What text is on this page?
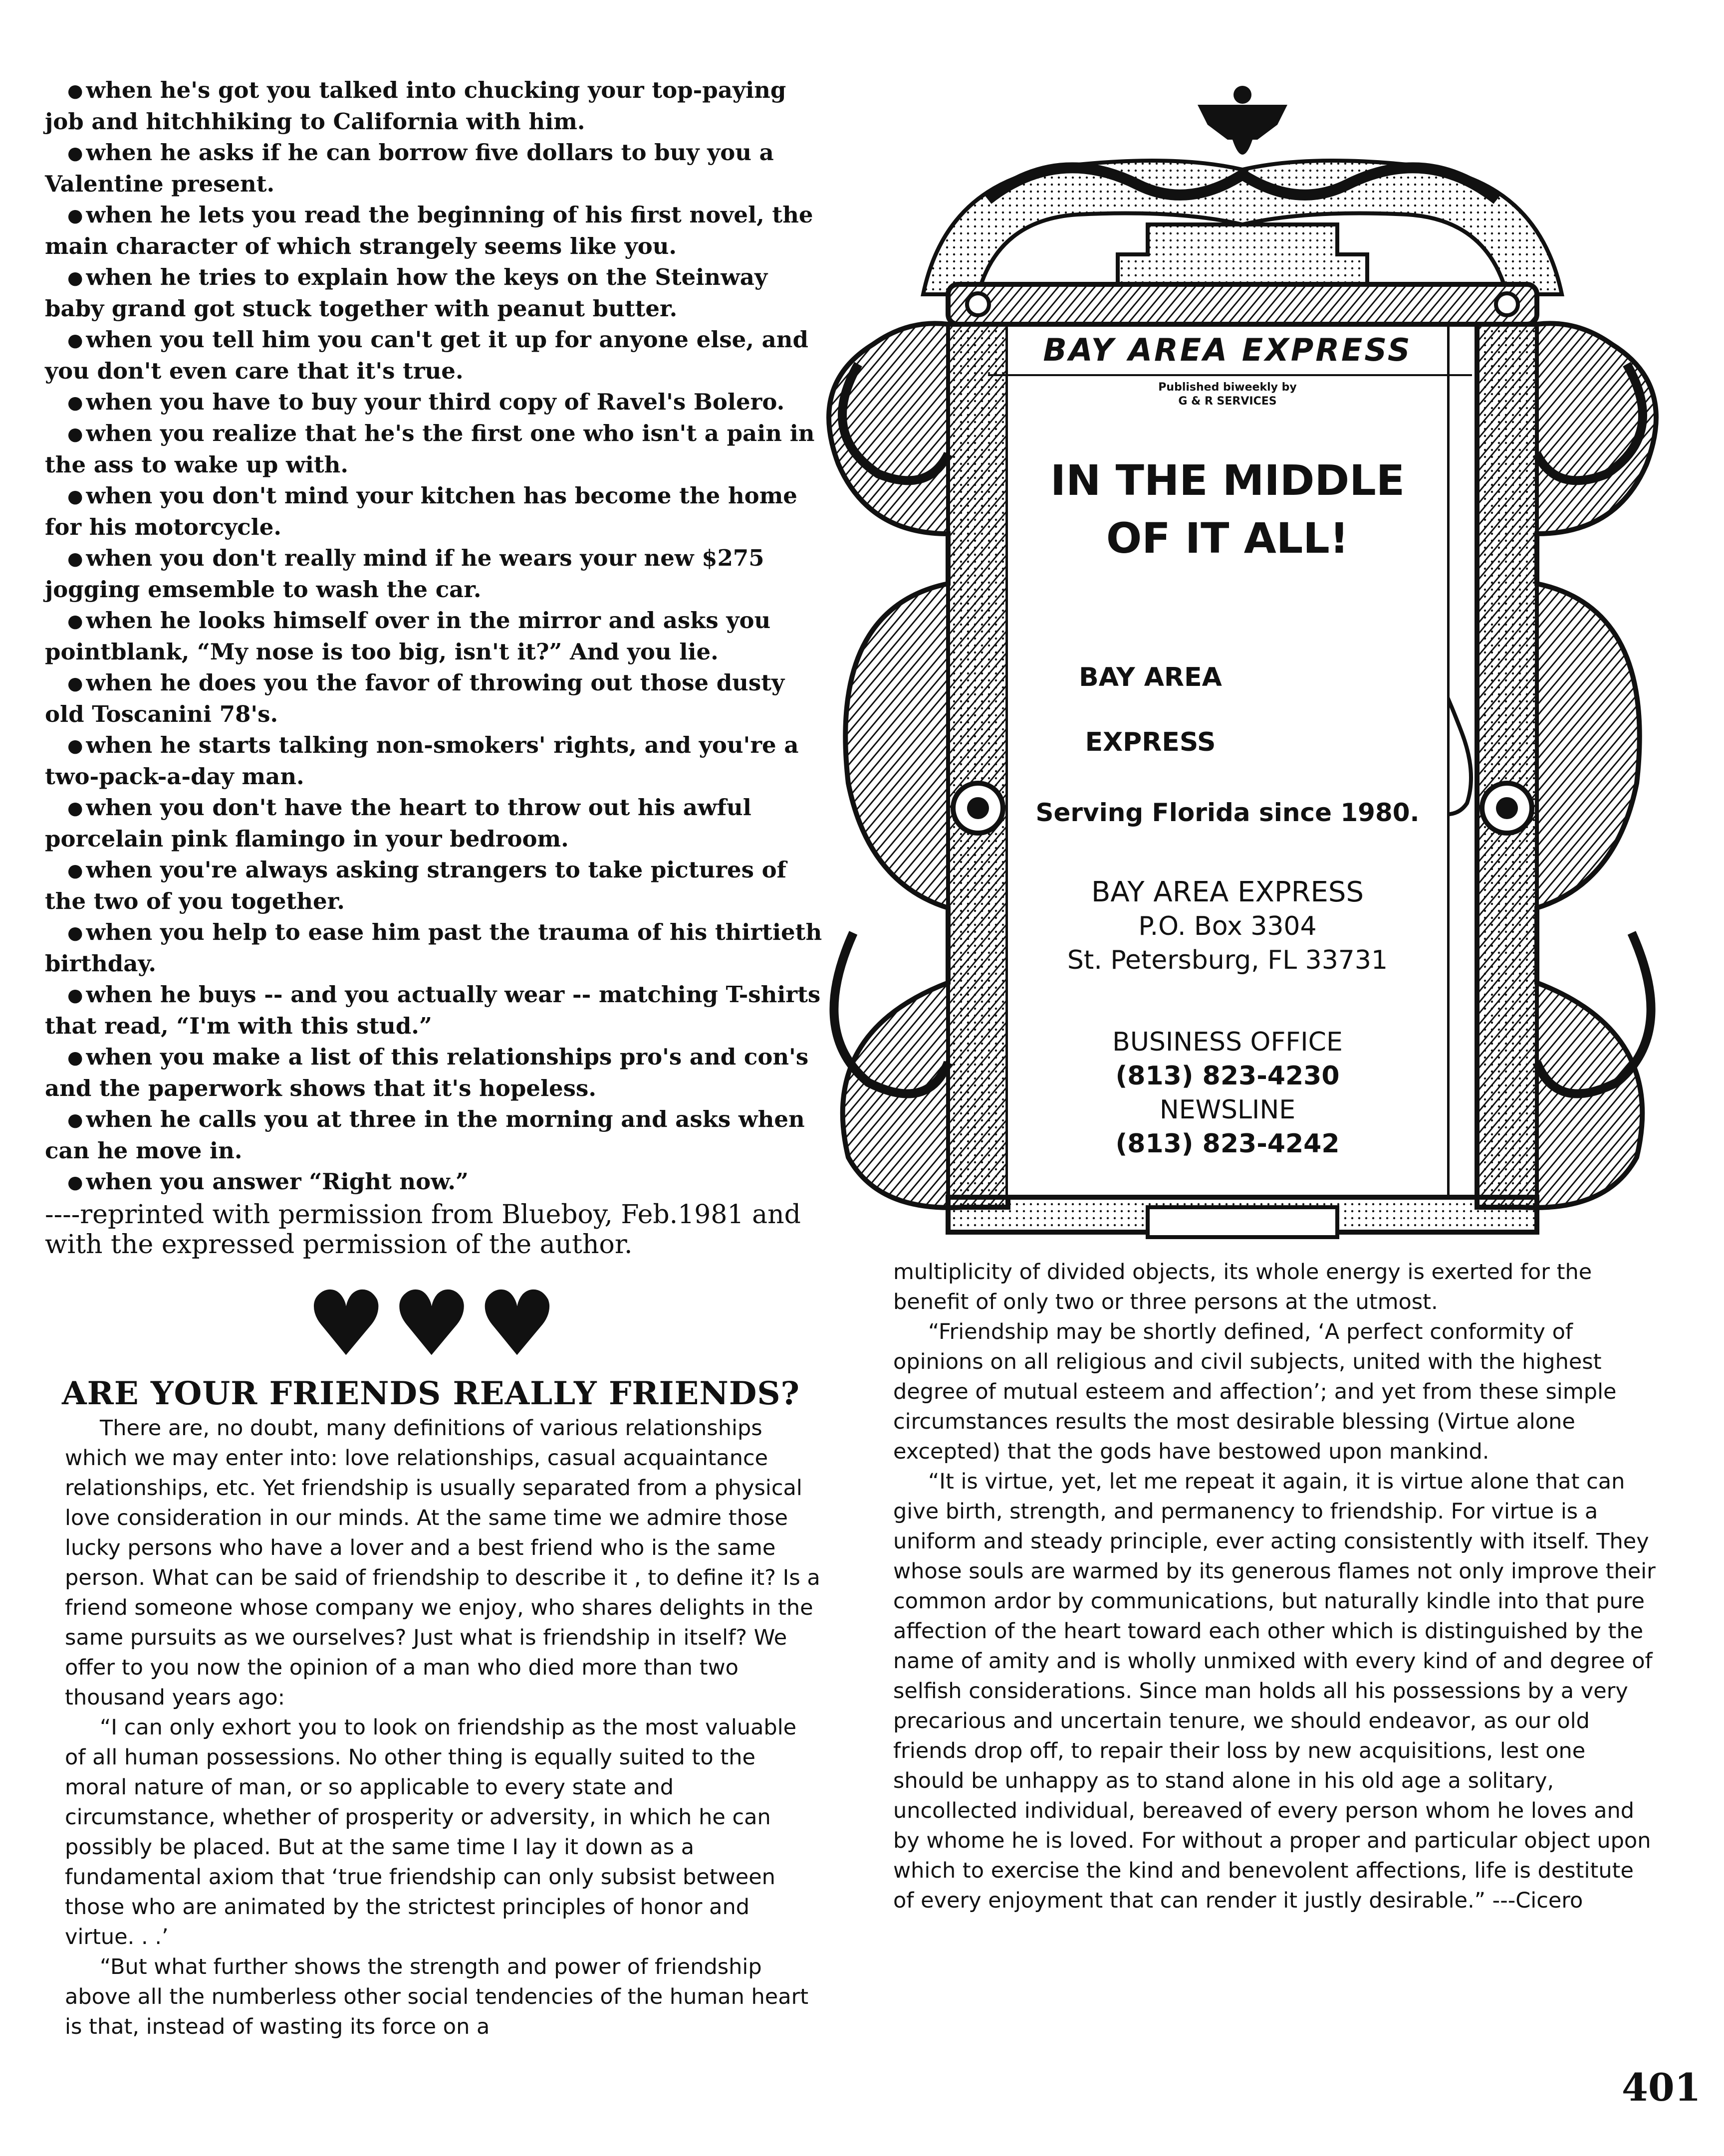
● when he's got you talked into chucking your top-paying job and hitchhiking to California with him.
● when he asks if he can borrow five dollars to buy you a Valentine present.
● when he lets you read the beginning of his first novel, the main character of which strangely seems like you.
● when he tries to explain how the keys on the Steinway baby grand got stuck together with peanut butter.
● when you tell him you can't get it up for anyone else, and you don't even care that it's true.
● when you have to buy your third copy of Ravel's Bolero.
● when you realize that he's the first one who isn't a pain in the ass to wake up with.
● when you don't mind your kitchen has become the home for his motorcycle.
● when you don't really mind if he wears your new $275 jogging emsemble to wash the car.
● when he looks himself over in the mirror and asks you pointblank, “My nose is too big, isn't it?” And you lie.
● when he does you the favor of throwing out those dusty old Toscanini 78's.
● when he starts talking non-smokers' rights, and you're a two-pack-a-day man.
● when you don't have the heart to throw out his awful porcelain pink flamingo in your bedroom.
● when you're always asking strangers to take pictures of the two of you together.
● when you help to ease him past the trauma of his thirtieth birthday.
● when he buys -- and you actually wear -- matching T-shirts that read, “I'm with this stud.”
● when you make a list of this relationships pro's and con's and the paperwork shows that it's hopeless.
● when he calls you at three in the morning and asks when can he move in.
● when you answer “Right now.”
----reprinted with permission from Blueboy, Feb.1981 and with the expressed permission of the author.
♥♥♥
ARE YOUR FRIENDS REALLY FRIENDS?

There are, no doubt, many definitions of various relationships which we may enter into: love relationships, casual acquaintance relationships, etc. Yet friendship is usually separated from a physical love consideration in our minds. At the same time we admire those lucky persons who have a lover and a best friend who is the same person. What can be said of friendship to describe it , to define it? Is a friend someone whose company we enjoy, who shares delights in the same pursuits as we ourselves? Just what is friendship in itself? We offer to you now the opinion of a man who died more than two thousand years ago:

“I can only exhort you to look on friendship as the most valuable of all human possessions. No other thing is equally suited to the moral nature of man, or so applicable to every state and circumstance, whether of prosperity or adversity, in which he can possibly be placed. But at the same time I lay it down as a fundamental axiom that ‘true friendship can only subsist between those who are animated by the strictest principles of honor and virtue. . .’

“But what further shows the strength and power of friendship above all the numberless other social tendencies of the human heart is that, instead of wasting its force on a

BAY AREA EXPRESS
Published biweekly by
G & R SERVICES
IN THE MIDDLE
OF IT ALL!
BAY AREA EXPRESS
Serving Florida since 1980.
BAY AREA EXPRESS
P.O. Box 3304
St. Petersburg, FL 33731
BUSINESS OFFICE
(813) 823-4230
NEWSLINE
(813) 823-4242

multiplicity of divided objects, its whole energy is exerted for the benefit of only two or three persons at the utmost.

“Friendship may be shortly defined, ‘A perfect conformity of opinions on all religious and civil subjects, united with the highest degree of mutual esteem and affection’; and yet from these simple circumstances results the most desirable blessing (Virtue alone excepted) that the gods have bestowed upon mankind.

“It is virtue, yet, let me repeat it again, it is virtue alone that can give birth, strength, and permanency to friendship. For virtue is a uniform and steady principle, ever acting consistently with itself. They whose souls are warmed by its generous flames not only improve their common ardor by communications, but naturally kindle into that pure affection of the heart toward each other which is distinguished by the name of amity and is wholly unmixed with every kind of and degree of selfish considerations. Since man holds all his possessions by a very precarious and uncertain tenure, we should endeavor, as our old friends drop off, to repair their loss by new acquisitions, lest one should be unhappy as to stand alone in his old age a solitary, uncollected individual, bereaved of every person whom he loves and by whome he is loved. For without a proper and particular object upon which to exercise the kind and benevolent affections, life is destitute of every enjoyment that can render it justly desirable.” ---Cicero

401
